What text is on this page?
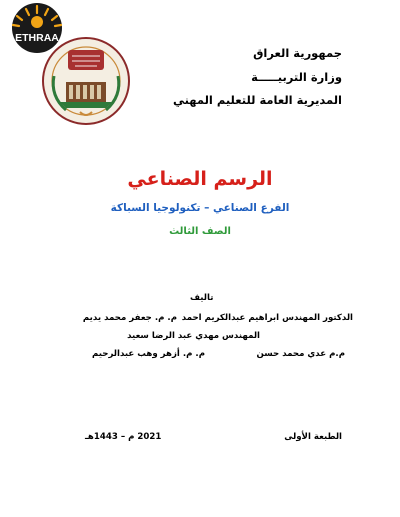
ETHRAA
جمهورية العراق
وزارة التربيـــــة
المديرية العامة للتعليم المهني
الرسم الصناعي
الفرع الصناعي – تكنولوجيا السباكة
الصف الثالث
تاليف
الدكتور المهندس ابراهيم عبدالكريم احمد
م. م. جعفر محمد يديم
المهندس مهدي عبد الرضا سعيد
م.م عدي محمد حسن
م. م. أزهر وهب عبدالرحيم
الطبعة الأولى
2021 م – 1443هـ
